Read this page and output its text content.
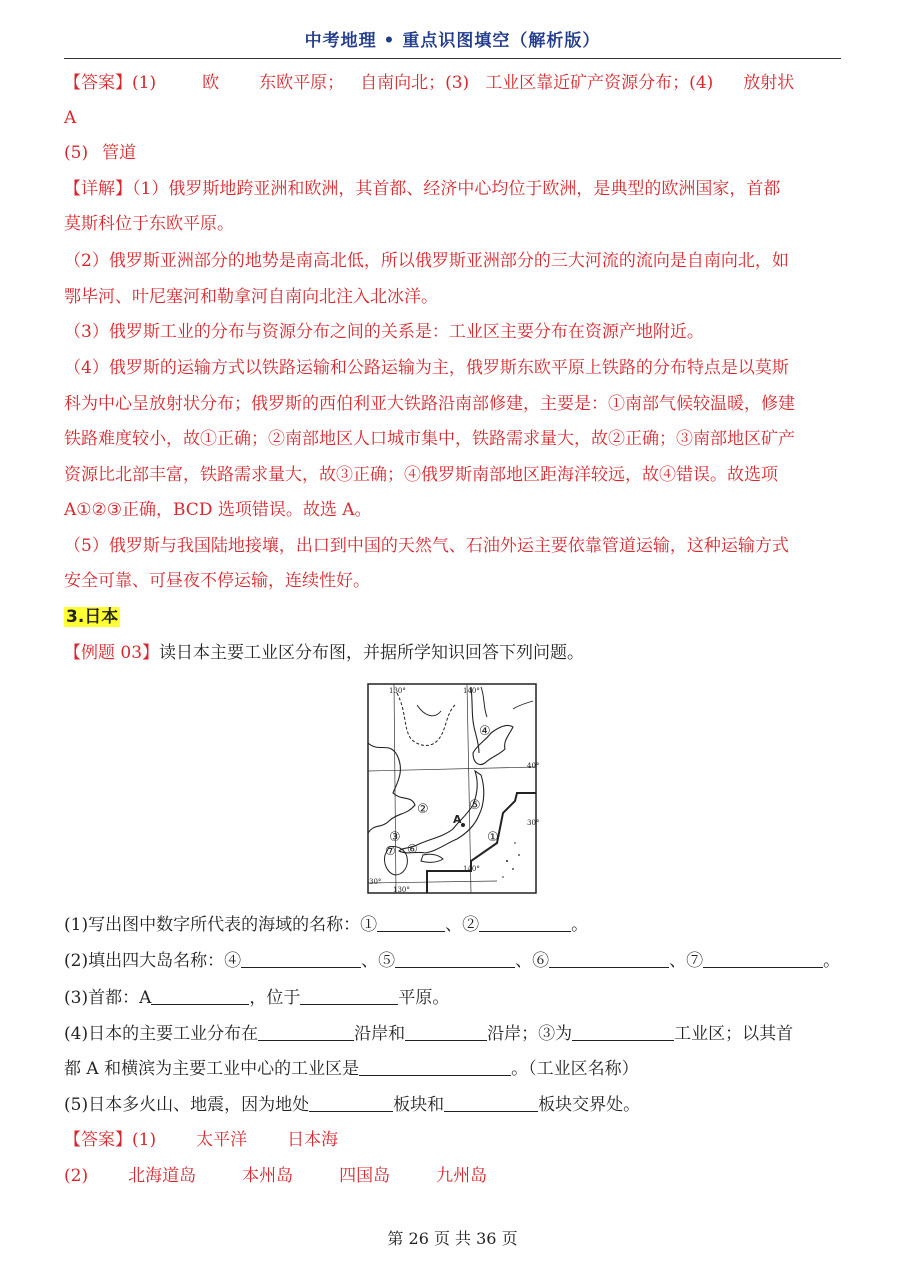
中考地理 • 重点识图填空（解析版）
【答案】(1)	欧 东欧平原； 自南向北；(3) 工业区靠近矿产资源分布；(4) 放射状
A
(5) 管道
【详解】（1）俄罗斯地跨亚洲和欧洲，其首都、经济中心均位于欧洲，是典型的欧洲国家，首都
莫斯科位于东欧平原。
（2）俄罗斯亚洲部分的地势是南高北低，所以俄罗斯亚洲部分的三大河流的流向是自南向北，如
鄂毕河、叶尼塞河和勒拿河自南向北注入北冰洋。
（3）俄罗斯工业的分布与资源分布之间的关系是：工业区主要分布在资源产地附近。
（4）俄罗斯的运输方式以铁路运输和公路运输为主，俄罗斯东欧平原上铁路的分布特点是以莫斯
科为中心呈放射状分布；俄罗斯的西伯利亚大铁路沿南部修建，主要是：①南部气候较温暖，修建
铁路难度较小，故①正确；②南部地区人口城市集中，铁路需求量大，故②正确；③南部地区矿产
资源比北部丰富，铁路需求量大，故③正确；④俄罗斯南部地区距海洋较远，故④错误。故选项
A①②③正确，BCD 选项错误。故选 A。
（5）俄罗斯与我国陆地接壤，出口到中国的天然气、石油外运主要依靠管道运输，这种运输方式
安全可靠、可昼夜不停运输，连续性好。
3.日本
【例题 03】读日本主要工业区分布图，并据所学知识回答下列问题。
130°	140°
140°
130°
40°
30°
30°
①
②
③
④
⑤
⑥
⑦
A
(1)写出图中数字所代表的海域的名称：①	、②	。
(2)填出四大岛名称：④	、⑤	、⑥	、⑦	。
(3)首都：A	，位于	平原。
(4)日本的主要工业分布在	沿岸和	沿岸；③为	工业区；以其首
都 A 和横滨为主要工业中心的工业区是	。（工业区名称）
(5)日本多火山、地震，因为地处	板块和	板块交界处。
【答案】(1) 太平洋 日本海
(2) 北海道岛	本州岛	四国岛	九州岛
第 26 页 共 36 页
